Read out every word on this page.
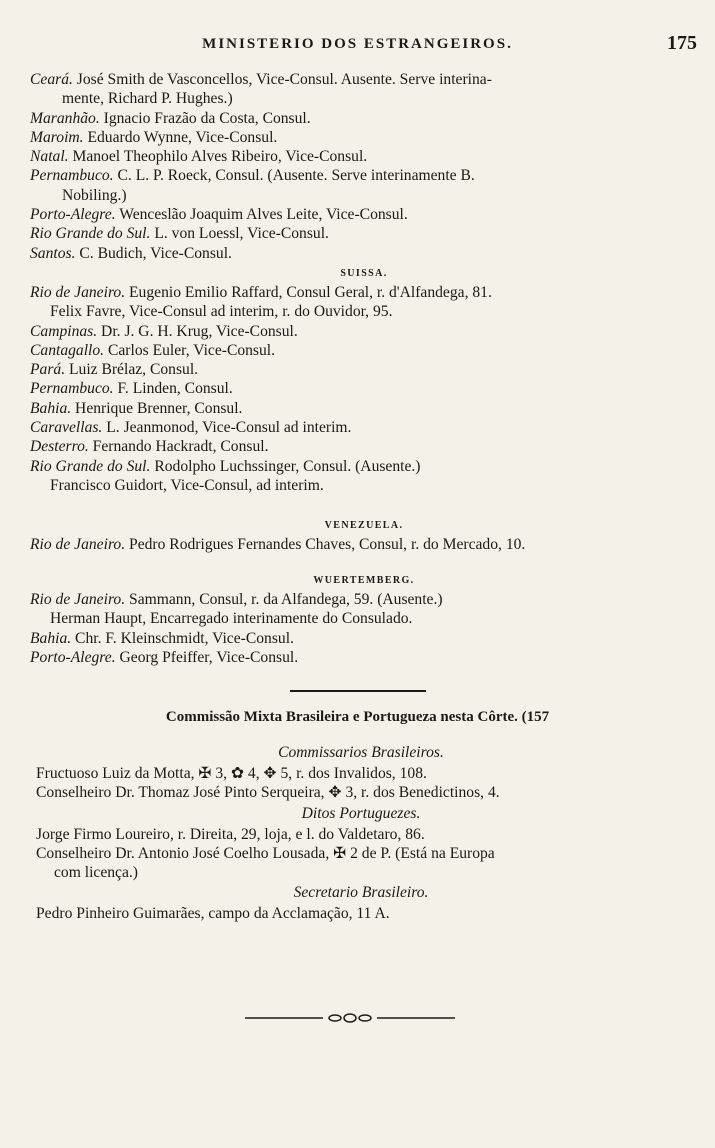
MINISTERIO DOS ESTRANGEIROS.	175
Ceará. José Smith de Vasconcellos, Vice-Consul. Ausente. Serve interina-
mente, Richard P. Hughes.)
Maranhão. Ignacio Frazão da Costa, Consul.
Maroim. Eduardo Wynne, Vice-Consul.
Natal. Manoel Theophilo Alves Ribeiro, Vice-Consul.
Pernambuco. C. L. P. Roeck, Consul. (Ausente. Serve interinamente B.
Nobiling.)
Porto-Alegre. Wenceslão Joaquim Alves Leite, Vice-Consul.
Rio Grande do Sul. L. von Loessl, Vice-Consul.
Santos. C. Budich, Vice-Consul.
SUISSA.
Rio de Janeiro. Eugenio Emilio Raffard, Consul Geral, r. d'Alfandega, 81.
Felix Favre, Vice-Consul ad interim, r. do Ouvidor, 95.
Campinas. Dr. J. G. H. Krug, Vice-Consul.
Cantagallo. Carlos Euler, Vice-Consul.
Pará. Luiz Brélaz, Consul.
Pernambuco. F. Linden, Consul.
Bahia. Henrique Brenner, Consul.
Caravellas. L. Jeanmonod, Vice-Consul ad interim.
Desterro. Fernando Hackradt, Consul.
Rio Grande do Sul. Rodolpho Luchssinger, Consul. (Ausente.)
Francisco Guidort, Vice-Consul, ad interim.
VENEZUELA.
Rio de Janeiro. Pedro Rodrigues Fernandes Chaves, Consul, r. do Mercado, 10.
WUERTEMBERG.
Rio de Janeiro. Sammann, Consul, r. da Alfandega, 59. (Ausente.)
Herman Haupt, Encarregado interinamente do Consulado.
Bahia. Chr. F. Kleinschmidt, Vice-Consul.
Porto-Alegre. Georg Pfeiffer, Vice-Consul.
Commissão Mixta Brasileira e Portugueza nesta Côrte. (157
Commissarios Brasileiros.
Fructuoso Luiz da Motta, ✠ 3, ✿ 4, ✥ 5, r. dos Invalidos, 108.
Conselheiro Dr. Thomaz José Pinto Serqueira, ✥ 3, r. dos Benedictinos, 4.
Ditos Portuguezes.
Jorge Firmo Loureiro, r. Direita, 29, loja, e l. do Valdetaro, 86.
Conselheiro Dr. Antonio José Coelho Lousada, ✠ 2 de P. (Está na Europa
com licença.)
Secretario Brasileiro.
Pedro Pinheiro Guimarães, campo da Acclamação, 11 A.
